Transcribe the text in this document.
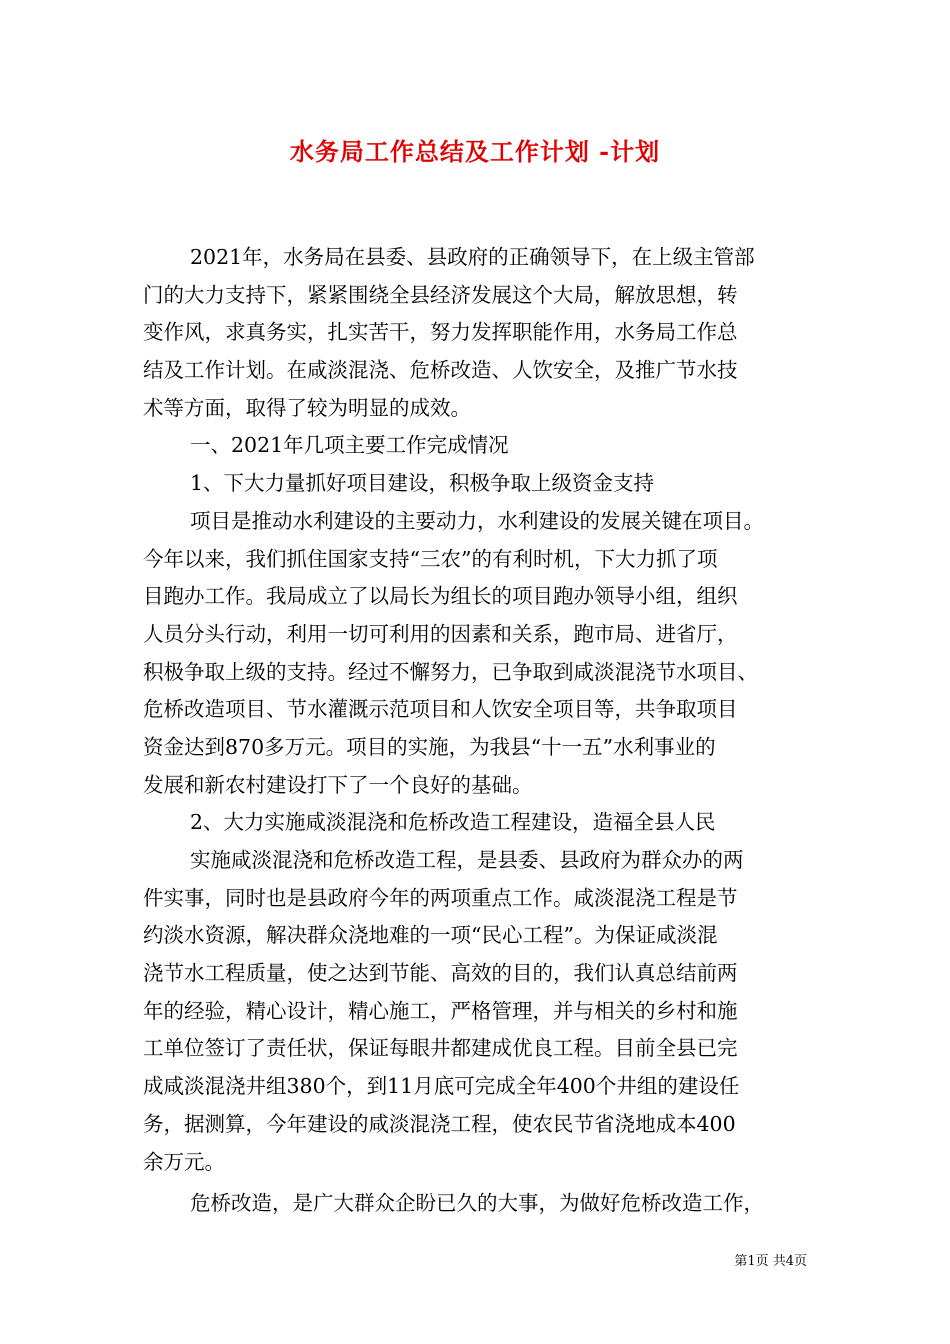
水务局工作总结及工作计划 -计划
2021年，水务局在县委、县政府的正确领导下，在上级主管部
门的大力支持下，紧紧围绕全县经济发展这个大局，解放思想，转
变作风，求真务实，扎实苦干，努力发挥职能作用，水务局工作总
结及工作计划。在咸淡混浇、危桥改造、人饮安全，及推广节水技
术等方面，取得了较为明显的成效。
一、2021年几项主要工作完成情况
1、下大力量抓好项目建设，积极争取上级资金支持
项目是推动水利建设的主要动力，水利建设的发展关键在项目。
今年以来，我们抓住国家支持“三农”的有利时机，下大力抓了项
目跑办工作。我局成立了以局长为组长的项目跑办领导小组，组织
人员分头行动，利用一切可利用的因素和关系，跑市局、进省厅，
积极争取上级的支持。经过不懈努力，已争取到咸淡混浇节水项目、
危桥改造项目、节水灌溉示范项目和人饮安全项目等，共争取项目
资金达到870多万元。项目的实施，为我县“十一五”水利事业的
发展和新农村建设打下了一个良好的基础。
2、大力实施咸淡混浇和危桥改造工程建设，造福全县人民
实施咸淡混浇和危桥改造工程，是县委、县政府为群众办的两
件实事，同时也是县政府今年的两项重点工作。咸淡混浇工程是节
约淡水资源，解决群众浇地难的一项“民心工程”。为保证咸淡混
浇节水工程质量，使之达到节能、高效的目的，我们认真总结前两
年的经验，精心设计，精心施工，严格管理，并与相关的乡村和施
工单位签订了责任状，保证每眼井都建成优良工程。目前全县已完
成咸淡混浇井组380个，到11月底可完成全年400个井组的建设任
务，据测算，今年建设的咸淡混浇工程，使农民节省浇地成本400
余万元。
危桥改造，是广大群众企盼已久的大事，为做好危桥改造工作，
第1页 共4页
